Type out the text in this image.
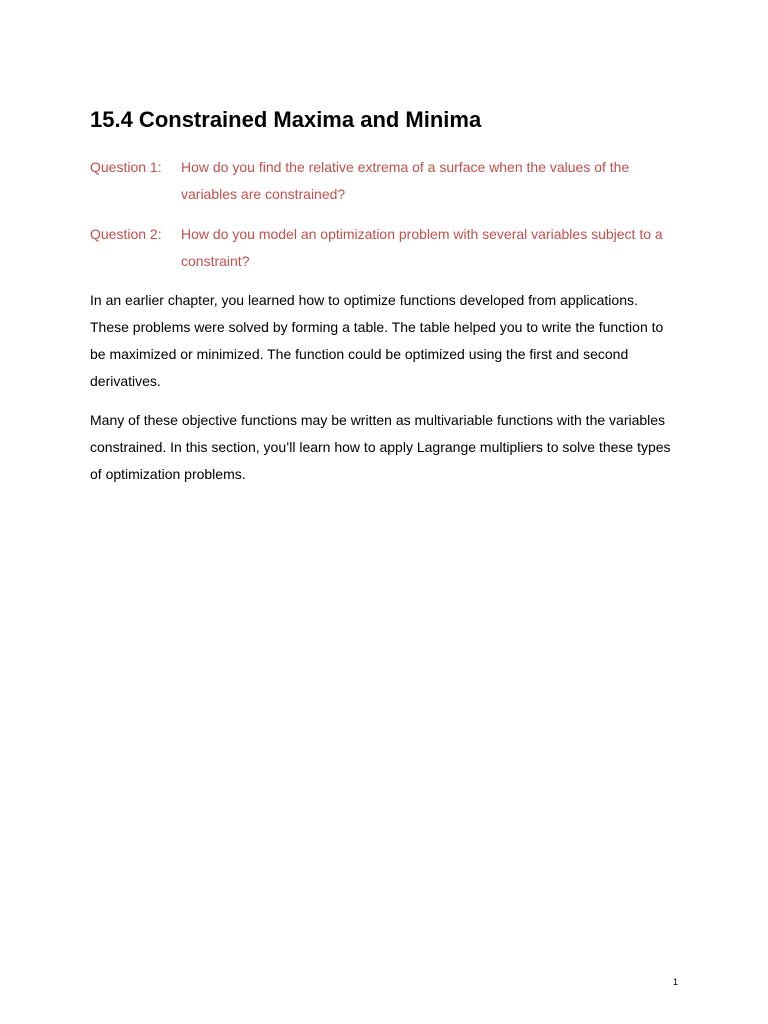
15.4 Constrained Maxima and Minima
Question 1: How do you find the relative extrema of a surface when the values of the variables are constrained?
Question 2: How do you model an optimization problem with several variables subject to a constraint?

In an earlier chapter, you learned how to optimize functions developed from applications. These problems were solved by forming a table. The table helped you to write the function to be maximized or minimized. The function could be optimized using the first and second derivatives.

Many of these objective functions may be written as multivariable functions with the variables constrained. In this section, you’ll learn how to apply Lagrange multipliers to solve these types of optimization problems.

1
